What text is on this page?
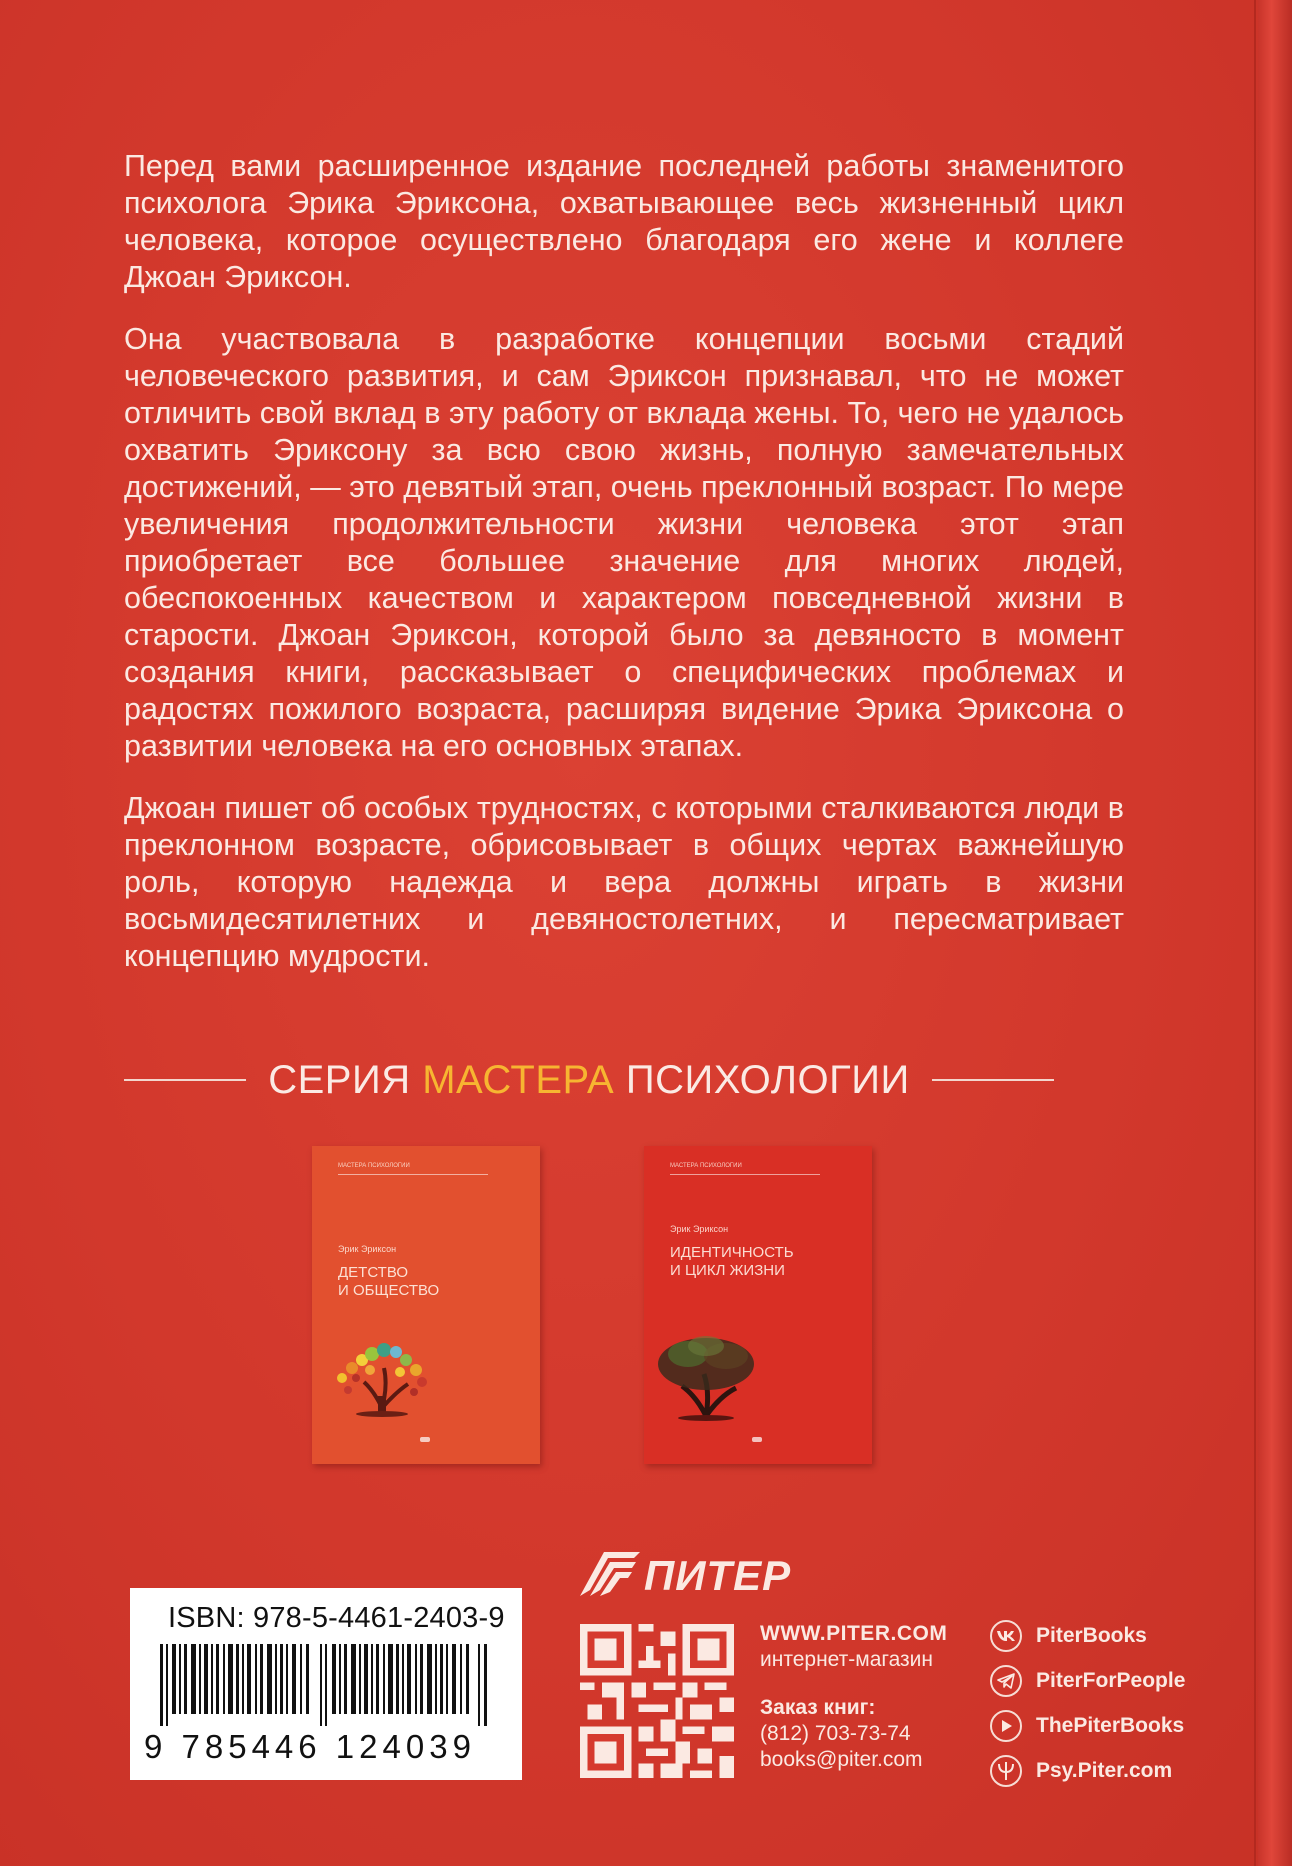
Перед вами расширенное издание последней работы знаменитого психолога Эрика Эриксона, охватывающее весь жизненный цикл человека, которое осуществлено благодаря его жене и коллеге Джоан Эриксон.

Она участвовала в разработке концепции восьми стадий человеческого развития, и сам Эриксон признавал, что не может отличить свой вклад в эту работу от вклада жены. То, чего не удалось охватить Эриксону за всю свою жизнь, полную замечательных достижений, — это девятый этап, очень преклонный возраст. По мере увеличения продолжительности жизни человека этот этап приобретает все большее значение для многих людей, обеспокоенных качеством и характером повседневной жизни в старости. Джоан Эриксон, которой было за девяносто в момент создания книги, рассказывает о специфических проблемах и радостях пожилого возраста, расширяя видение Эрика Эриксона о развитии человека на его основных этапах.

Джоан пишет об особых трудностях, с которыми сталкиваются люди в преклонном возрасте, обрисовывает в общих чертах важнейшую роль, которую надежда и вера должны играть в жизни восьмидесятилетних и девяностолетних, и пересматривает концепцию мудрости.

СЕРИЯ МАСТЕРА ПСИХОЛОГИИ
МАСТЕРА ПСИХОЛОГИИ
Эрик Эриксон
ДЕТСТВО
И ОБЩЕСТВО
МАСТЕРА ПСИХОЛОГИИ
Эрик Эриксон
ИДЕНТИЧНОСТЬ
И ЦИКЛ ЖИЗНИ
ISBN: 978-5-4461-2403-9
9 785446 124039
ПИТЕР
WWW.PITER.COM
интернет-магазин
Заказ книг:
(812) 703-73-74
books@piter.com
PiterBooks
PiterForPeople
ThePiterBooks
Psy.Piter.com
